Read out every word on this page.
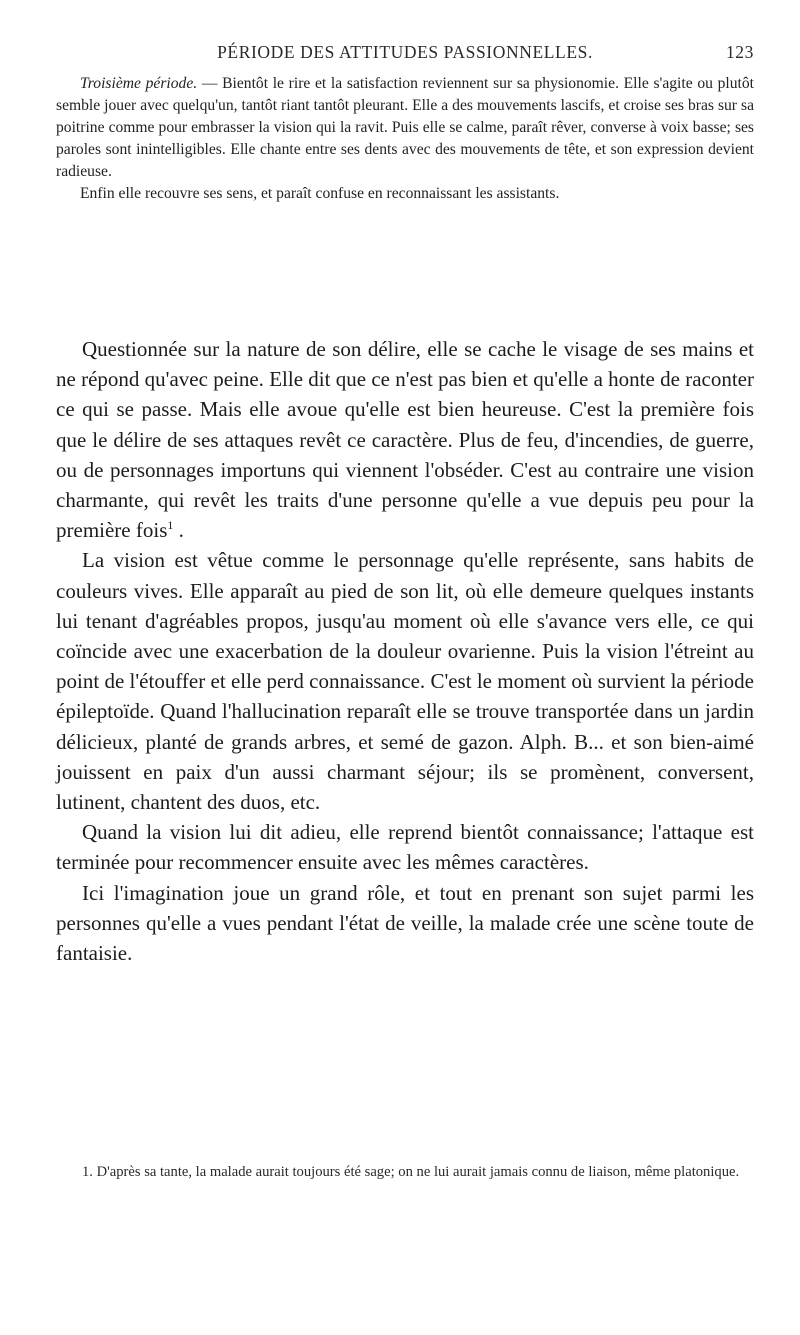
PÉRIODE DES ATTITUDES PASSIONNELLES.	123

Troisième période. — Bientôt le rire et la satisfaction reviennent sur sa physionomie. Elle s'agite ou plutôt semble jouer avec quelqu'un, tantôt riant tantôt pleurant. Elle a des mouvements lascifs, et croise ses bras sur sa poitrine comme pour embrasser la vision qui la ravit. Puis elle se calme, paraît rêver, converse à voix basse; ses paroles sont inintelligibles. Elle chante entre ses dents avec des mouvements de tête, et son expression devient radieuse.

Enfin elle recouvre ses sens, et paraît confuse en reconnaissant les assistants.

Questionnée sur la nature de son délire, elle se cache le visage de ses mains et ne répond qu'avec peine. Elle dit que ce n'est pas bien et qu'elle a honte de raconter ce qui se passe. Mais elle avoue qu'elle est bien heureuse. C'est la première fois que le délire de ses attaques revêt ce caractère. Plus de feu, d'incendies, de guerre, ou de personnages importuns qui viennent l'obséder. C'est au contraire une vision charmante, qui revêt les traits d'une personne qu'elle a vue depuis peu pour la première fois$^1$ .

La vision est vêtue comme le personnage qu'elle représente, sans habits de couleurs vives. Elle apparaît au pied de son lit, où elle demeure quelques instants lui tenant d'agréables propos, jusqu'au moment où elle s'avance vers elle, ce qui coïncide avec une exacerbation de la douleur ovarienne. Puis la vision l'étreint au point de l'étouffer et elle perd connaissance. C'est le moment où survient la période épileptoïde. Quand l'hallucination reparaît elle se trouve transportée dans un jardin délicieux, planté de grands arbres, et semé de gazon. Alph. B... et son bien-aimé jouissent en paix d'un aussi charmant séjour; ils se promènent, conversent, lutinent, chantent des duos, etc.

Quand la vision lui dit adieu, elle reprend bientôt connaissance; l'attaque est terminée pour recommencer ensuite avec les mêmes caractères.

Ici l'imagination joue un grand rôle, et tout en prenant son sujet parmi les personnes qu'elle a vues pendant l'état de veille, la malade crée une scène toute de fantaisie.

1. D'après sa tante, la malade aurait toujours été sage; on ne lui aurait jamais connu de liaison, même platonique.
